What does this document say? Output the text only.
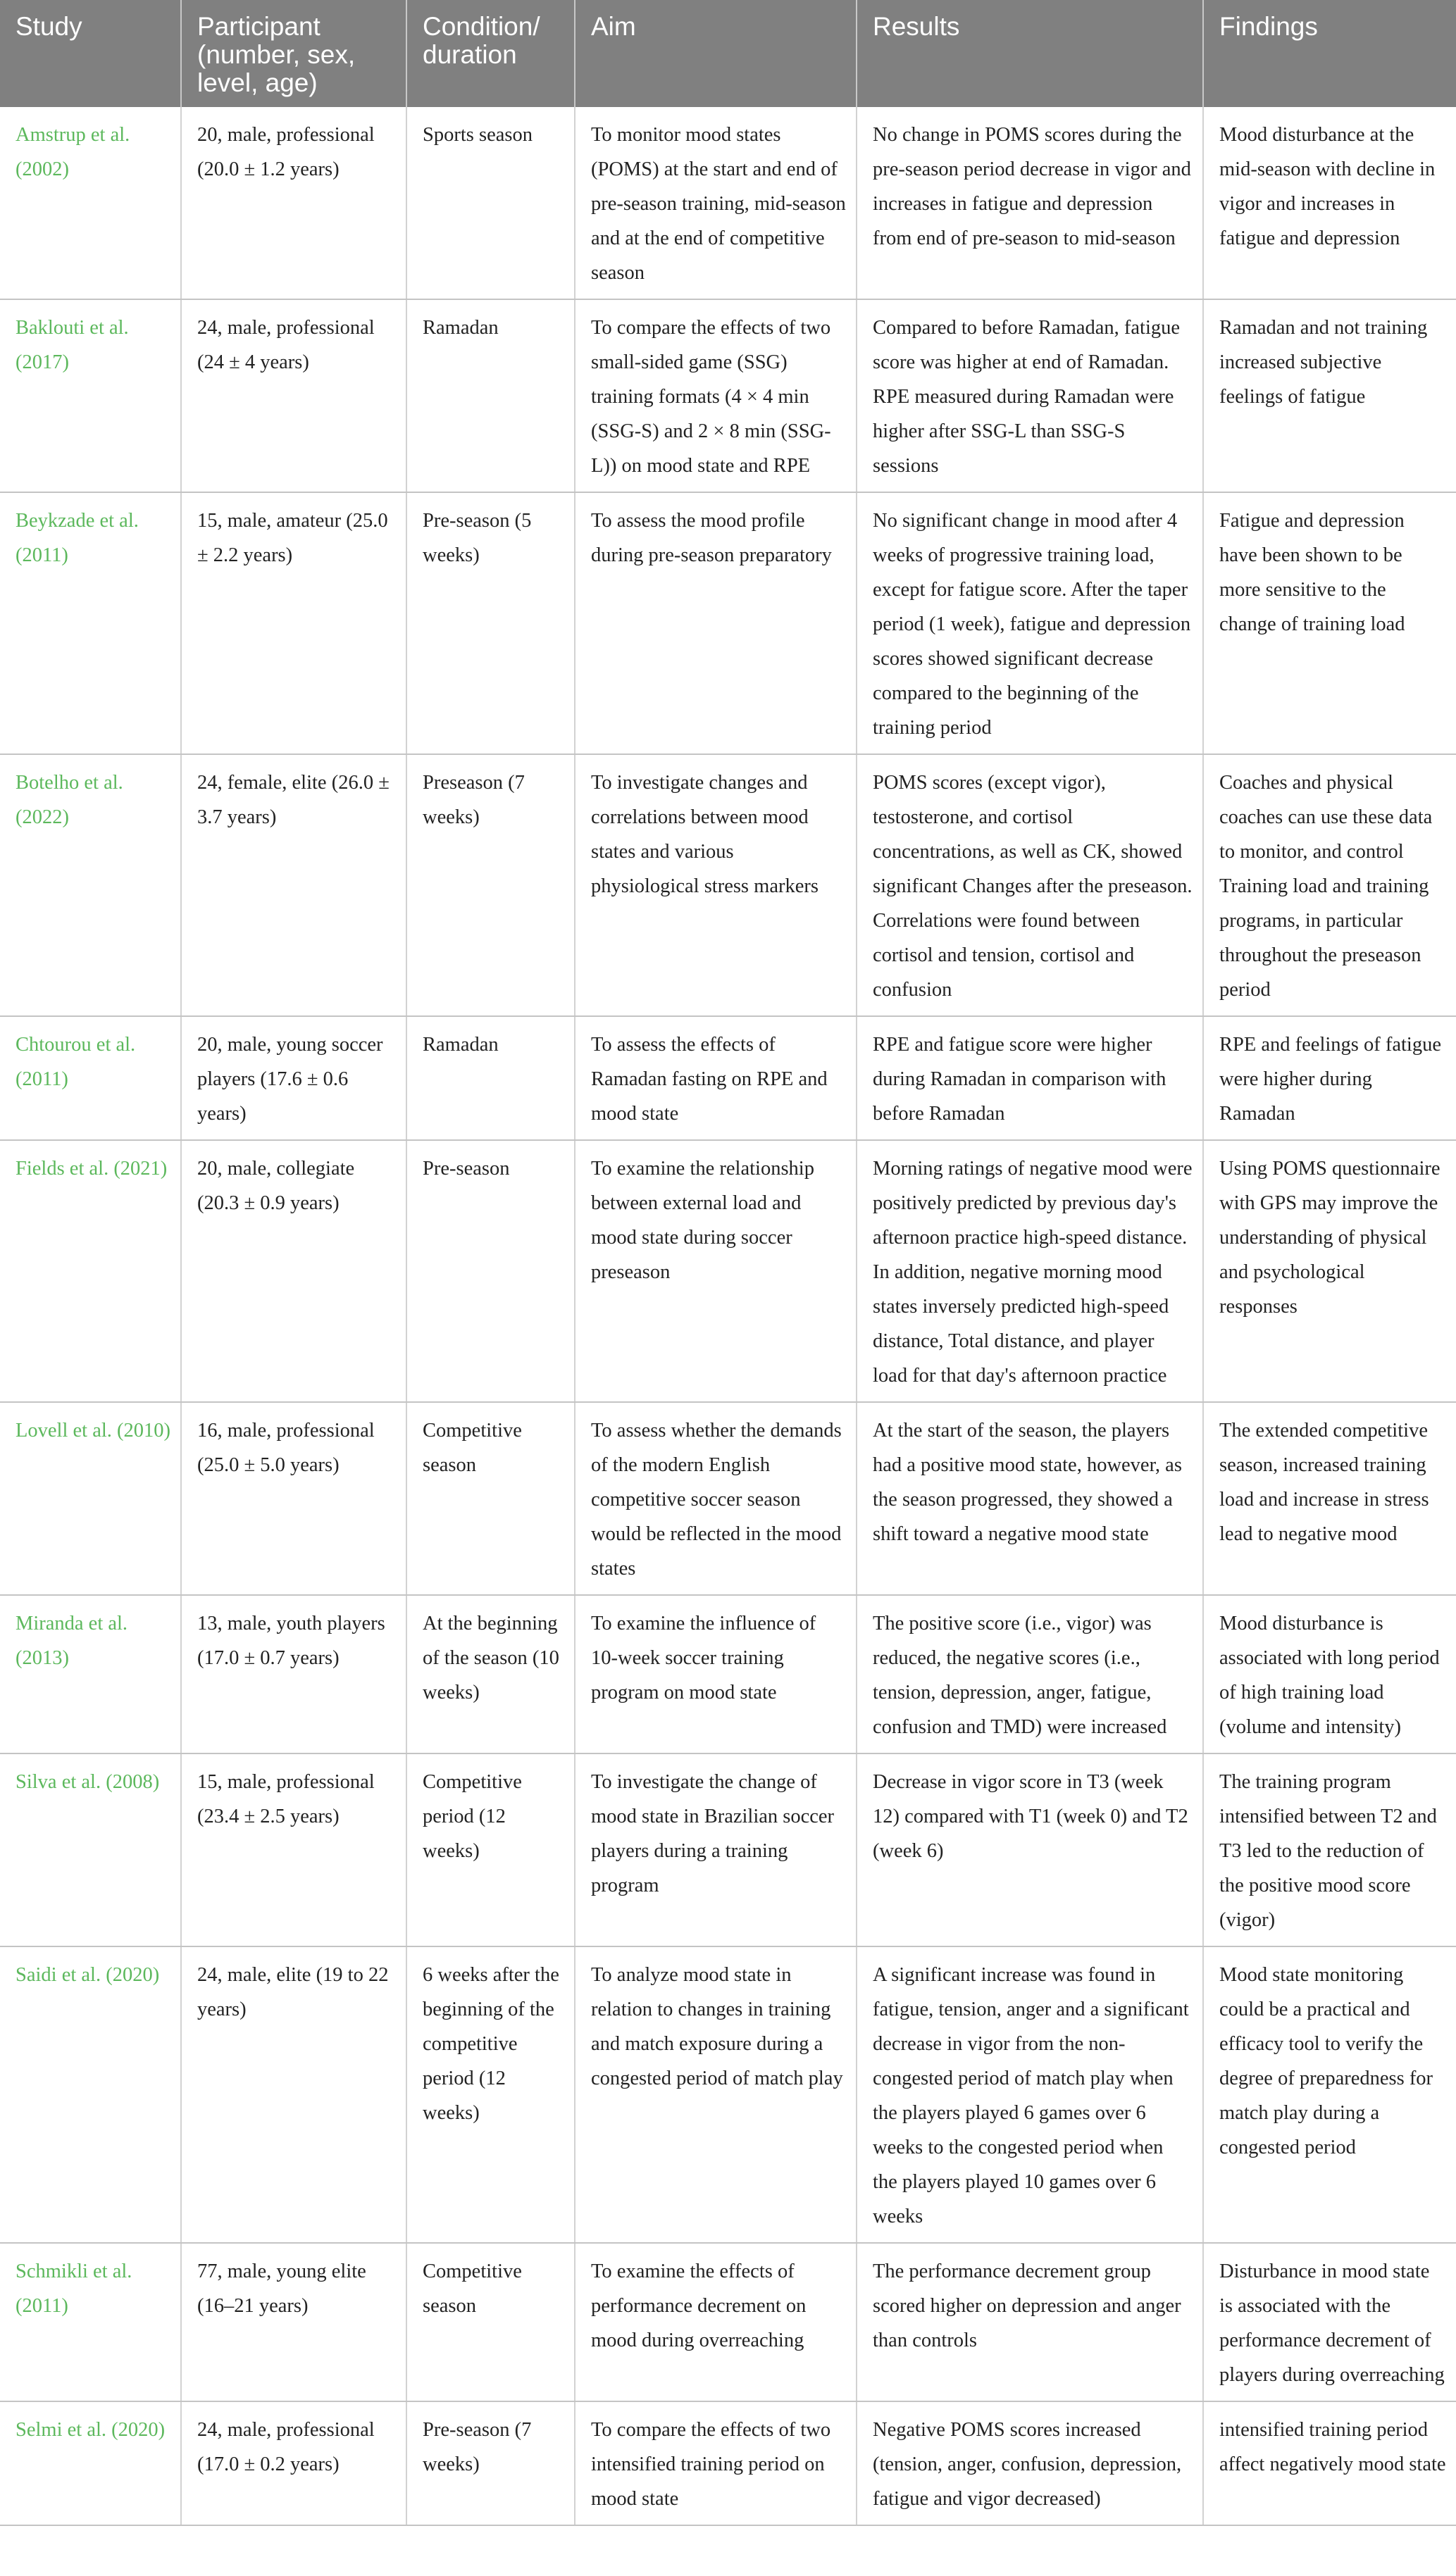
Study	Participant (number, sex, level, age)	Condition/ duration	Aim	Results	Findings
Amstrup et al. (2002)	20, male, professional (20.0 ± 1.2 years)	Sports season	To monitor mood states (POMS) at the start and end of pre-season training, mid-season and at the end of competitive season	No change in POMS scores during the pre-season period decrease in vigor and increases in fatigue and depression from end of pre-season to mid-season	Mood disturbance at the mid-season with decline in vigor and increases in fatigue and depression
Baklouti et al. (2017)	24, male, professional (24 ± 4 years)	Ramadan	To compare the effects of two small-sided game (SSG) training formats (4 × 4 min (SSG-S) and 2 × 8 min (SSG-L)) on mood state and RPE	Compared to before Ramadan, fatigue score was higher at end of Ramadan. RPE measured during Ramadan were higher after SSG-L than SSG-S sessions	Ramadan and not training increased subjective feelings of fatigue
Beykzade et al. (2011)	15, male, amateur (25.0 ± 2.2 years)	Pre-season (5 weeks)	To assess the mood profile during pre-season preparatory	No significant change in mood after 4 weeks of progressive training load, except for fatigue score. After the taper period (1 week), fatigue and depression scores showed significant decrease compared to the beginning of the training period	Fatigue and depression have been shown to be more sensitive to the change of training load
Botelho et al. (2022)	24, female, elite (26.0 ± 3.7 years)	Preseason (7 weeks)	To investigate changes and correlations between mood states and various physiological stress markers	POMS scores (except vigor), testosterone, and cortisol concentrations, as well as CK, showed significant Changes after the preseason. Correlations were found between cortisol and tension, cortisol and confusion	Coaches and physical coaches can use these data to monitor, and control Training load and training programs, in particular throughout the preseason period
Chtourou et al. (2011)	20, male, young soccer players (17.6 ± 0.6 years)	Ramadan	To assess the effects of Ramadan fasting on RPE and mood state	RPE and fatigue score were higher during Ramadan in comparison with before Ramadan	RPE and feelings of fatigue were higher during Ramadan
Fields et al. (2021)	20, male, collegiate (20.3 ± 0.9 years)	Pre-season	To examine the relationship between external load and mood state during soccer preseason	Morning ratings of negative mood were positively predicted by previous day's afternoon practice high-speed distance. In addition, negative morning mood states inversely predicted high-speed distance, Total distance, and player load for that day's afternoon practice	Using POMS questionnaire with GPS may improve the understanding of physical and psychological responses
Lovell et al. (2010)	16, male, professional (25.0 ± 5.0 years)	Competitive season	To assess whether the demands of the modern English competitive soccer season would be reflected in the mood states	At the start of the season, the players had a positive mood state, however, as the season progressed, they showed a shift toward a negative mood state	The extended competitive season, increased training load and increase in stress lead to negative mood
Miranda et al. (2013)	13, male, youth players (17.0 ± 0.7 years)	At the beginning of the season (10 weeks)	To examine the influence of 10-week soccer training program on mood state	The positive score (i.e., vigor) was reduced, the negative scores (i.e., tension, depression, anger, fatigue, confusion and TMD) were increased	Mood disturbance is associated with long period of high training load (volume and intensity)
Silva et al. (2008)	15, male, professional (23.4 ± 2.5 years)	Competitive period (12 weeks)	To investigate the change of mood state in Brazilian soccer players during a training program	Decrease in vigor score in T3 (week 12) compared with T1 (week 0) and T2 (week 6)	The training program intensified between T2 and T3 led to the reduction of the positive mood score (vigor)
Saidi et al. (2020)	24, male, elite (19 to 22 years)	6 weeks after the beginning of the competitive period (12 weeks)	To analyze mood state in relation to changes in training and match exposure during a congested period of match play	A significant increase was found in fatigue, tension, anger and a significant decrease in vigor from the non-congested period of match play when the players played 6 games over 6 weeks to the congested period when the players played 10 games over 6 weeks	Mood state monitoring could be a practical and efficacy tool to verify the degree of preparedness for match play during a congested period
Schmikli et al. (2011)	77, male, young elite (16–21 years)	Competitive season	To examine the effects of performance decrement on mood during overreaching	The performance decrement group scored higher on depression and anger than controls	Disturbance in mood state is associated with the performance decrement of players during overreaching
Selmi et al. (2020)	24, male, professional (17.0 ± 0.2 years)	Pre-season (7 weeks)	To compare the effects of two intensified training period on mood state	Negative POMS scores increased (tension, anger, confusion, depression, fatigue and vigor decreased)	intensified training period affect negatively mood state
